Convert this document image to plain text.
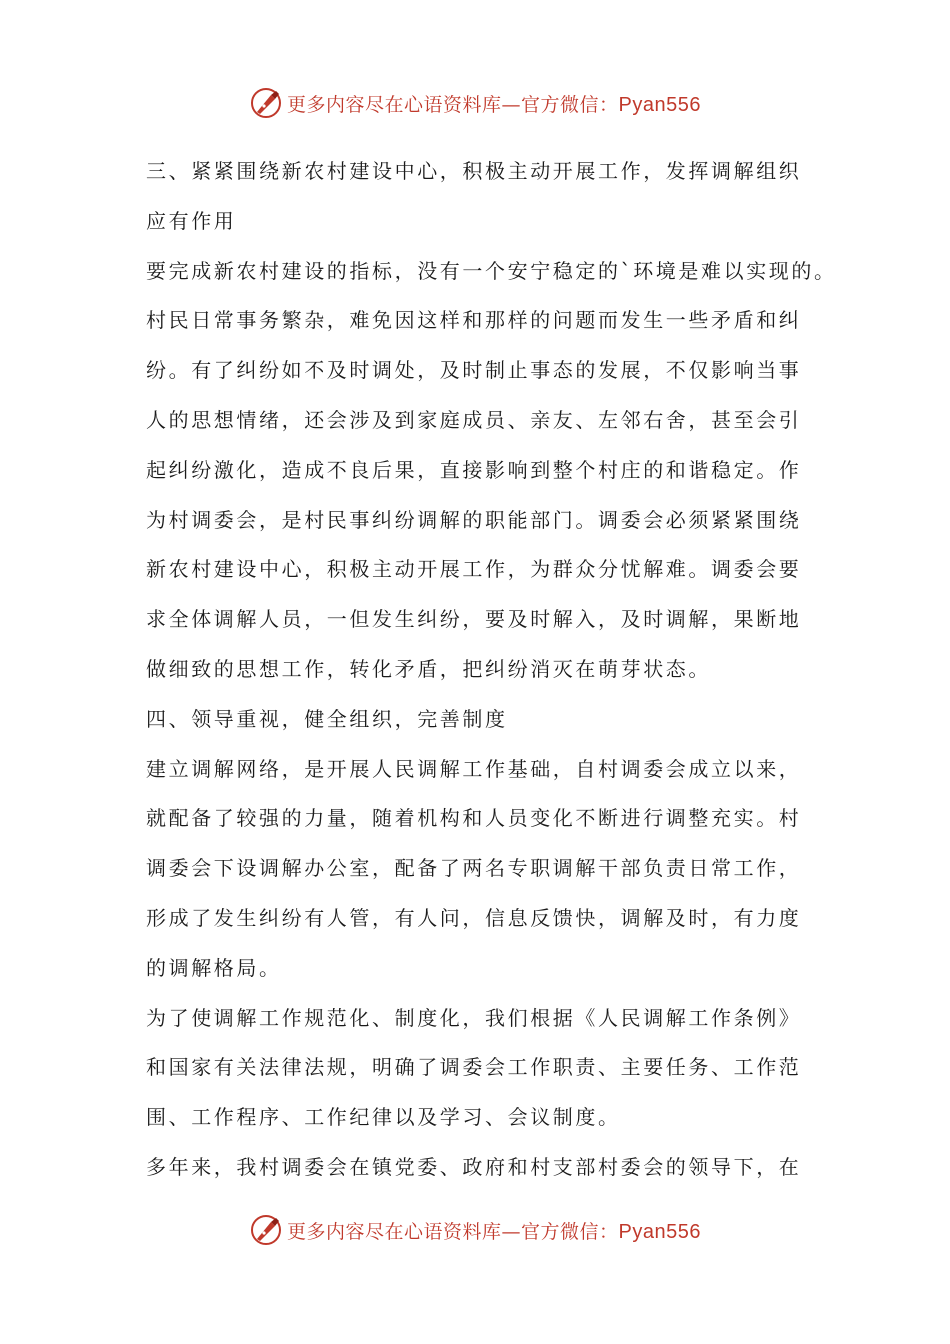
更多内容尽在心语资料库—官方微信：Pyan556
三、紧紧围绕新农村建设中心，积极主动开展工作，发挥调解组织
应有作用
要完成新农村建设的指标，没有一个安宁稳定的`环境是难以实现的。
村民日常事务繁杂，难免因这样和那样的问题而发生一些矛盾和纠
纷。有了纠纷如不及时调处，及时制止事态的发展，不仅影响当事
人的思想情绪，还会涉及到家庭成员、亲友、左邻右舍，甚至会引
起纠纷激化，造成不良后果，直接影响到整个村庄的和谐稳定。作
为村调委会，是村民事纠纷调解的职能部门。调委会必须紧紧围绕
新农村建设中心，积极主动开展工作，为群众分忧解难。调委会要
求全体调解人员，一但发生纠纷，要及时解入，及时调解，果断地
做细致的思想工作，转化矛盾，把纠纷消灭在萌芽状态。
四、领导重视，健全组织，完善制度
建立调解网络，是开展人民调解工作基础，自村调委会成立以来，
就配备了较强的力量，随着机构和人员变化不断进行调整充实。村
调委会下设调解办公室，配备了两名专职调解干部负责日常工作，
形成了发生纠纷有人管，有人问，信息反馈快，调解及时，有力度
的调解格局。
为了使调解工作规范化、制度化，我们根据《人民调解工作条例》
和国家有关法律法规，明确了调委会工作职责、主要任务、工作范
围、工作程序、工作纪律以及学习、会议制度。
多年来，我村调委会在镇党委、政府和村支部村委会的领导下，在
更多内容尽在心语资料库—官方微信：Pyan556
